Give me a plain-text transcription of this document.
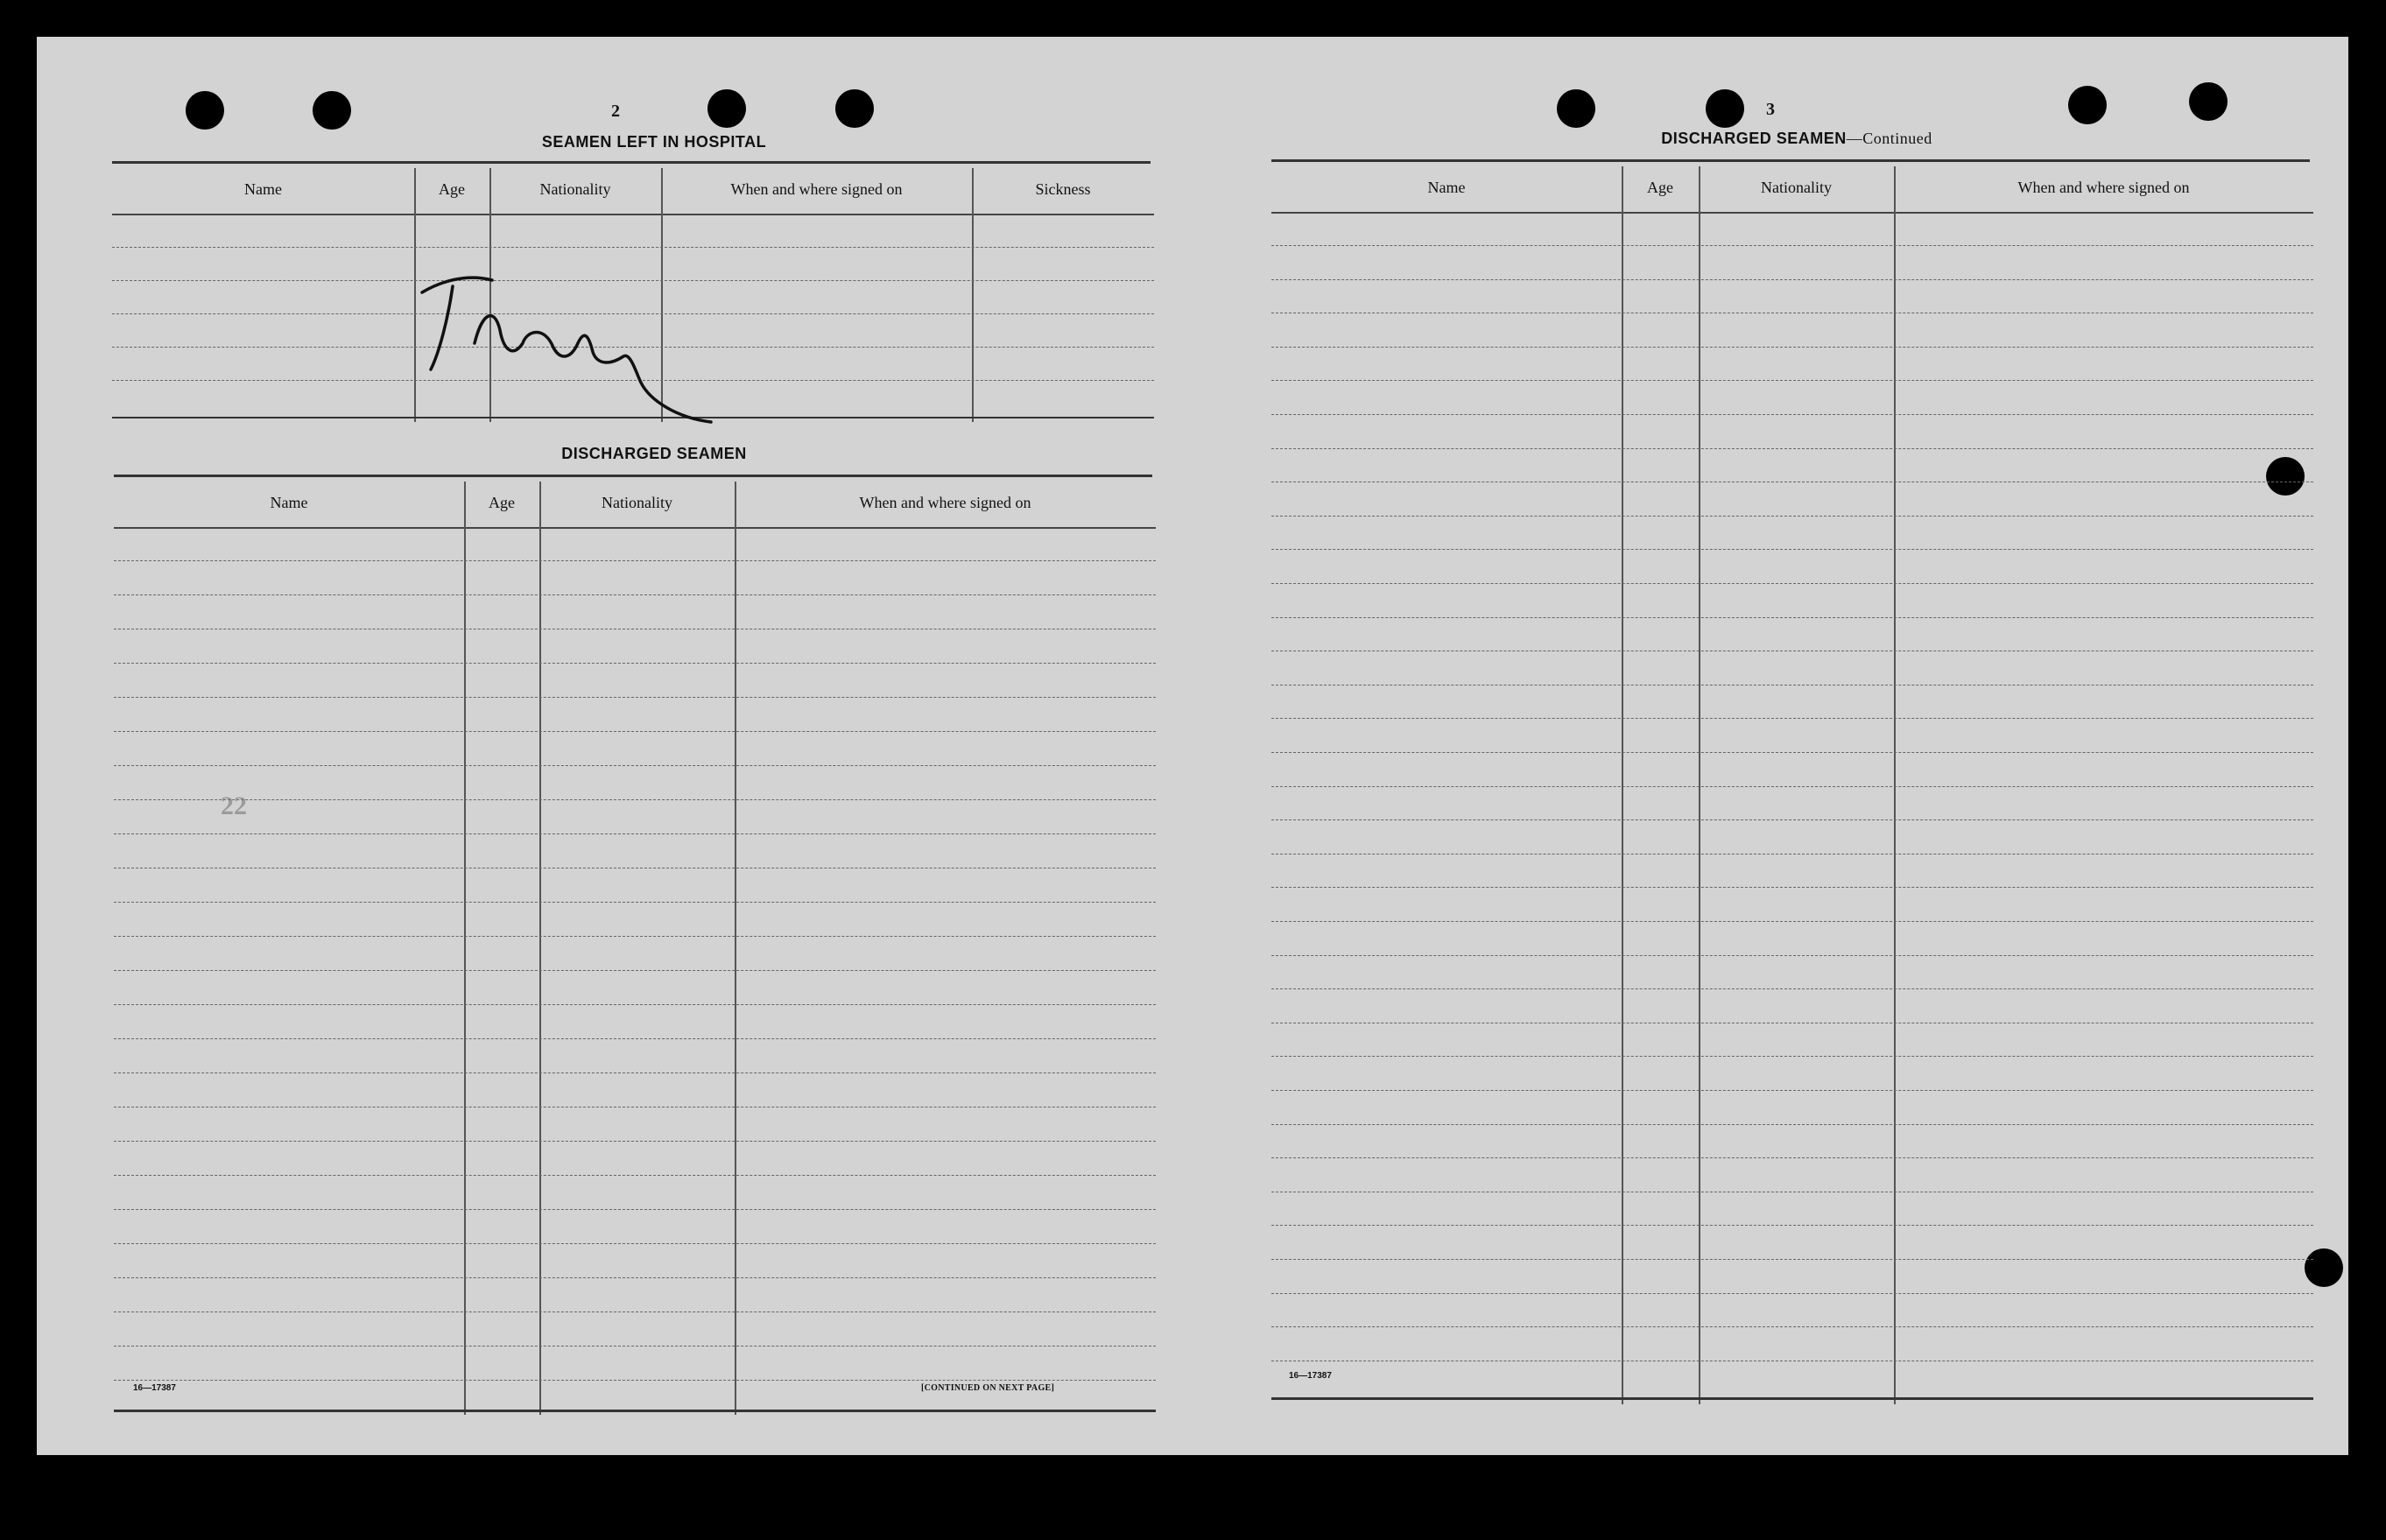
2
SEAMEN LEFT IN HOSPITAL
Name	Age	Nationality	When and where signed on	Sickness
DISCHARGED SEAMEN
Name	Age	Nationality	When and where signed on
22
16—17387	[CONTINUED ON NEXT PAGE]
3
DISCHARGED SEAMEN—Continued
Name	Age	Nationality	When and where signed on
16—17387
